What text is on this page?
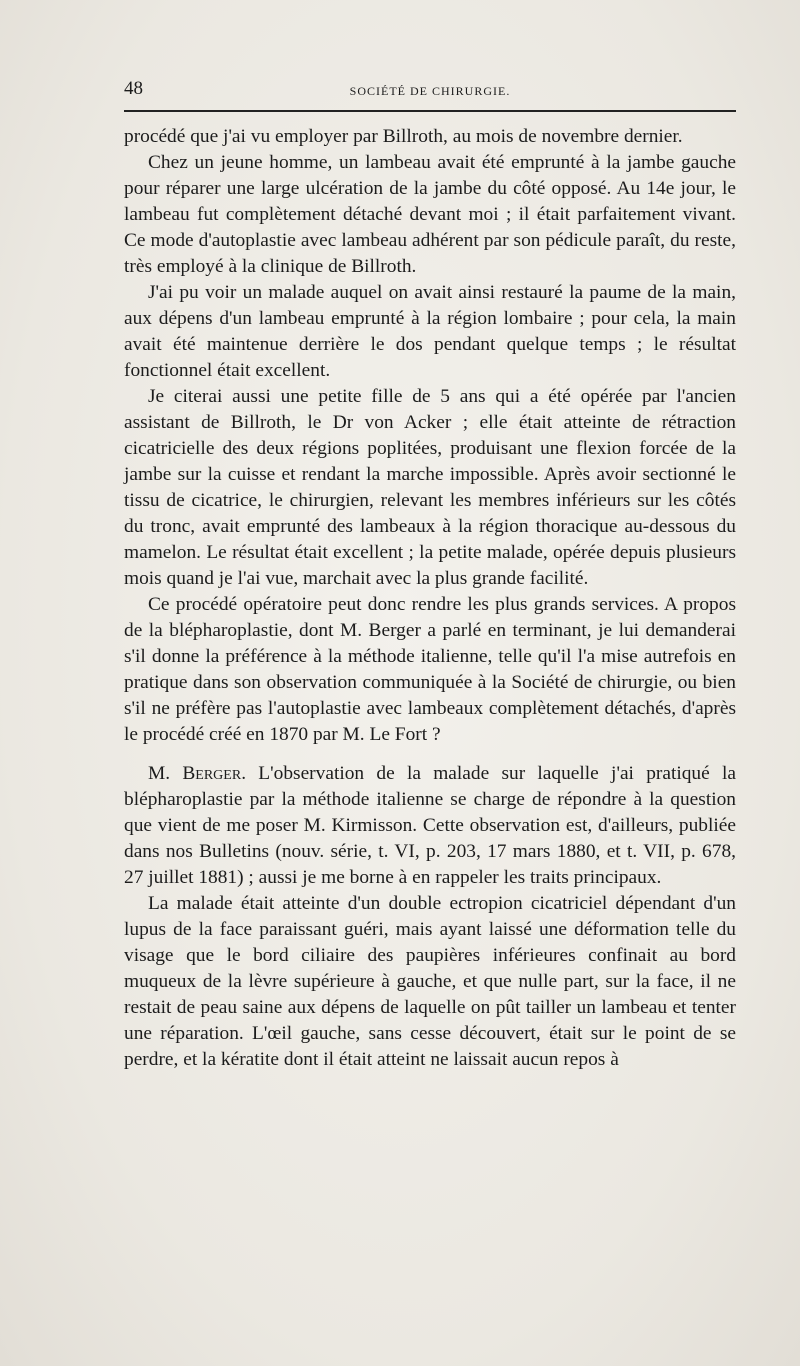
48	SOCIÉTÉ DE CHIRURGIE.

procédé que j'ai vu employer par Billroth, au mois de novembre dernier.

Chez un jeune homme, un lambeau avait été emprunté à la jambe gauche pour réparer une large ulcération de la jambe du côté opposé. Au 14e jour, le lambeau fut complètement détaché devant moi ; il était parfaitement vivant. Ce mode d'autoplastie avec lambeau adhérent par son pédicule paraît, du reste, très employé à la clinique de Billroth.

J'ai pu voir un malade auquel on avait ainsi restauré la paume de la main, aux dépens d'un lambeau emprunté à la région lombaire ; pour cela, la main avait été maintenue derrière le dos pendant quelque temps ; le résultat fonctionnel était excellent.

Je citerai aussi une petite fille de 5 ans qui a été opérée par l'ancien assistant de Billroth, le Dr von Acker ; elle était atteinte de rétraction cicatricielle des deux régions poplitées, produisant une flexion forcée de la jambe sur la cuisse et rendant la marche impossible. Après avoir sectionné le tissu de cicatrice, le chirurgien, relevant les membres inférieurs sur les côtés du tronc, avait emprunté des lambeaux à la région thoracique au-dessous du mamelon. Le résultat était excellent ; la petite malade, opérée depuis plusieurs mois quand je l'ai vue, marchait avec la plus grande facilité.

Ce procédé opératoire peut donc rendre les plus grands services. A propos de la blépharoplastie, dont M. Berger a parlé en terminant, je lui demanderai s'il donne la préférence à la méthode italienne, telle qu'il l'a mise autrefois en pratique dans son observation communiquée à la Société de chirurgie, ou bien s'il ne préfère pas l'autoplastie avec lambeaux complètement détachés, d'après le procédé créé en 1870 par M. Le Fort ?

M. Berger. L'observation de la malade sur laquelle j'ai pratiqué la blépharoplastie par la méthode italienne se charge de répondre à la question que vient de me poser M. Kirmisson. Cette observation est, d'ailleurs, publiée dans nos Bulletins (nouv. série, t. VI, p. 203, 17 mars 1880, et t. VII, p. 678, 27 juillet 1881) ; aussi je me borne à en rappeler les traits principaux.

La malade était atteinte d'un double ectropion cicatriciel dépendant d'un lupus de la face paraissant guéri, mais ayant laissé une déformation telle du visage que le bord ciliaire des paupières inférieures confinait au bord muqueux de la lèvre supérieure à gauche, et que nulle part, sur la face, il ne restait de peau saine aux dépens de laquelle on pût tailler un lambeau et tenter une réparation. L'œil gauche, sans cesse découvert, était sur le point de se perdre, et la kératite dont il était atteint ne laissait aucun repos à
